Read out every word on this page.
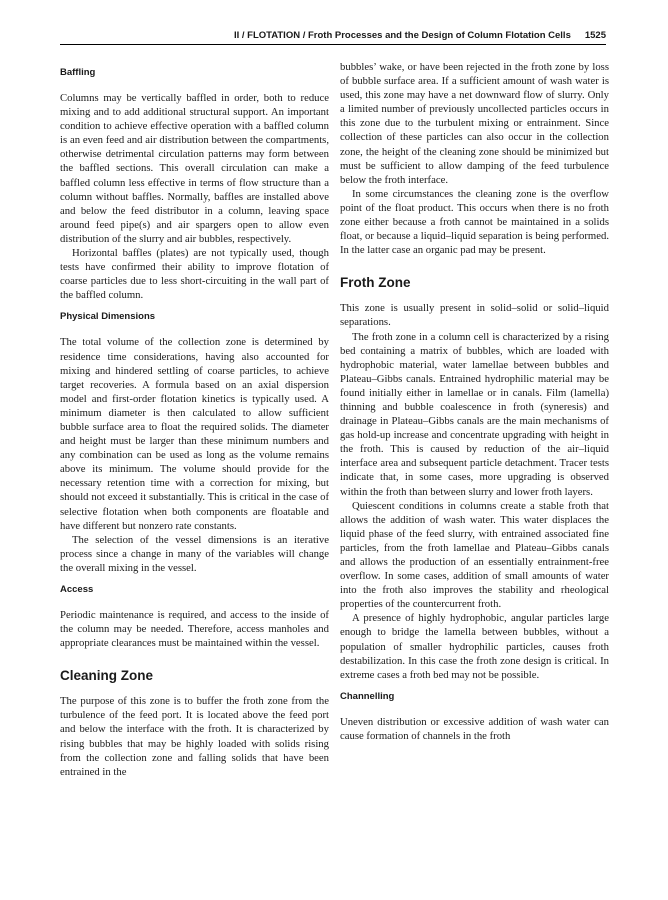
II / FLOTATION / Froth Processes and the Design of Column Flotation Cells 1525
Baffling

Columns may be vertically baffled in order, both to reduce mixing and to add additional structural support. An important condition to achieve effective operation with a baffled column is an even feed and air distribution between the compartments, otherwise detrimental circulation patterns may form between the baffled sections. This overall circulation can make a baffled column less effective in terms of flow structure than a column without baffles. Normally, baffles are installed above and below the feed distributor in a column, leaving space around feed pipe(s) and air spargers open to allow even distribution of the slurry and air bubbles, respectively.

Horizontal baffles (plates) are not typically used, though tests have confirmed their ability to improve flotation of coarse particles due to less short-circuiting in the wall part of the baffled column.

Physical Dimensions

The total volume of the collection zone is determined by residence time considerations, having also accounted for mixing and hindered settling of coarse particles, to achieve target recoveries. A formula based on an axial dispersion model and first-order flotation kinetics is typically used. A minimum diameter is then calculated to allow sufficient bubble surface area to float the required solids. The diameter and height must be larger than these minimum numbers and any combination can be used as long as the volume remains above its minimum. The volume should provide for the necessary retention time with a correction for mixing, but should not exceed it substantially. This is critical in the case of selective flotation when both components are floatable and have different but nonzero rate constants.

The selection of the vessel dimensions is an iterative process since a change in many of the variables will change the overall mixing in the vessel.

Access

Periodic maintenance is required, and access to the inside of the column may be needed. Therefore, access manholes and appropriate clearances must be maintained within the vessel.

Cleaning Zone

The purpose of this zone is to buffer the froth zone from the turbulence of the feed port. It is located above the feed port and below the interface with the froth. It is characterized by rising bubbles that may be highly loaded with solids rising from the collection zone and falling solids that have been entrained in the

bubbles’ wake, or have been rejected in the froth zone by loss of bubble surface area. If a sufficient amount of wash water is used, this zone may have a net downward flow of slurry. Only a limited number of previously uncollected particles occurs in this zone due to the turbulent mixing or entrainment. Since collection of these particles can also occur in the collection zone, the height of the cleaning zone should be minimized but must be sufficient to allow damping of the feed turbulence below the froth interface.

In some circumstances the cleaning zone is the overflow point of the float product. This occurs when there is no froth zone either because a froth cannot be maintained in a solids float, or because a liquid–liquid separation is being performed. In the latter case an organic pad may be present.

Froth Zone

This zone is usually present in solid–solid or solid–liquid separations.

The froth zone in a column cell is characterized by a rising bed containing a matrix of bubbles, which are loaded with hydrophobic material, water lamellae between bubbles and Plateau–Gibbs canals. Entrained hydrophilic material may be found initially either in lamellae or in canals. Film (lamella) thinning and bubble coalescence in froth (syneresis) and drainage in Plateau–Gibbs canals are the main mechanisms of gas hold-up increase and concentrate upgrading with height in the froth. This is caused by reduction of the air–liquid interface area and subsequent particle detachment. Tracer tests indicate that, in some cases, more upgrading is observed within the froth than between slurry and lower froth layers.

Quiescent conditions in columns create a stable froth that allows the addition of wash water. This water displaces the liquid phase of the feed slurry, with entrained associated fine particles, from the froth lamellae and Plateau–Gibbs canals and allows the production of an essentially entrainment-free overflow. In some cases, addition of small amounts of water into the froth also improves the stability and rheological properties of the countercurrent froth.

A presence of highly hydrophobic, angular particles large enough to bridge the lamella between bubbles, without a population of smaller hydrophilic particles, causes froth destabilization. In this case the froth zone design is critical. In extreme cases a froth bed may not be possible.

Channelling

Uneven distribution or excessive addition of wash water can cause formation of channels in the froth
